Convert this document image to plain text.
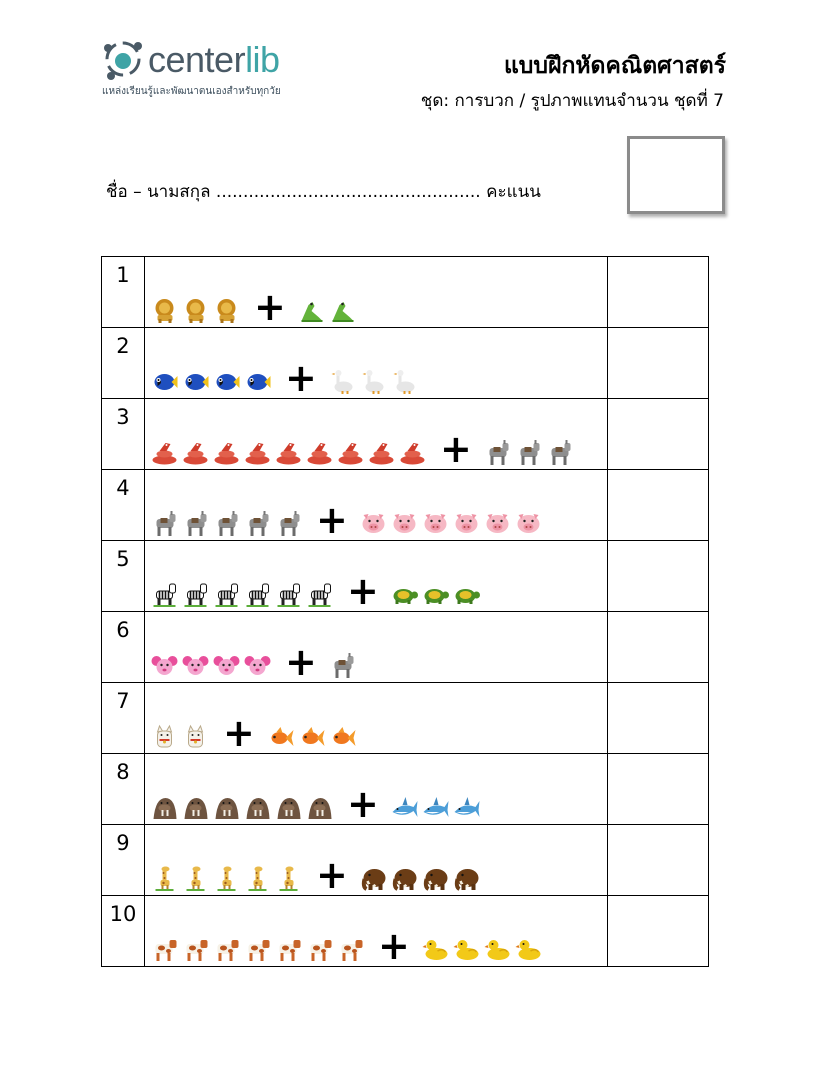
centerlib
แหล่งเรียนรู้และพัฒนาตนเองสำหรับทุกวัย
แบบฝึกหัดคณิตศาสตร์
ชุด: การบวก / รูปภาพแทนจำนวน ชุดที่ 7
ชื่อ – นามสกุล ................................................. คะแนน
1	+	

2	+	

3	+	

4	+	

5	+	

6	+	

7	+	

8	+	

9	+	

10	+	
